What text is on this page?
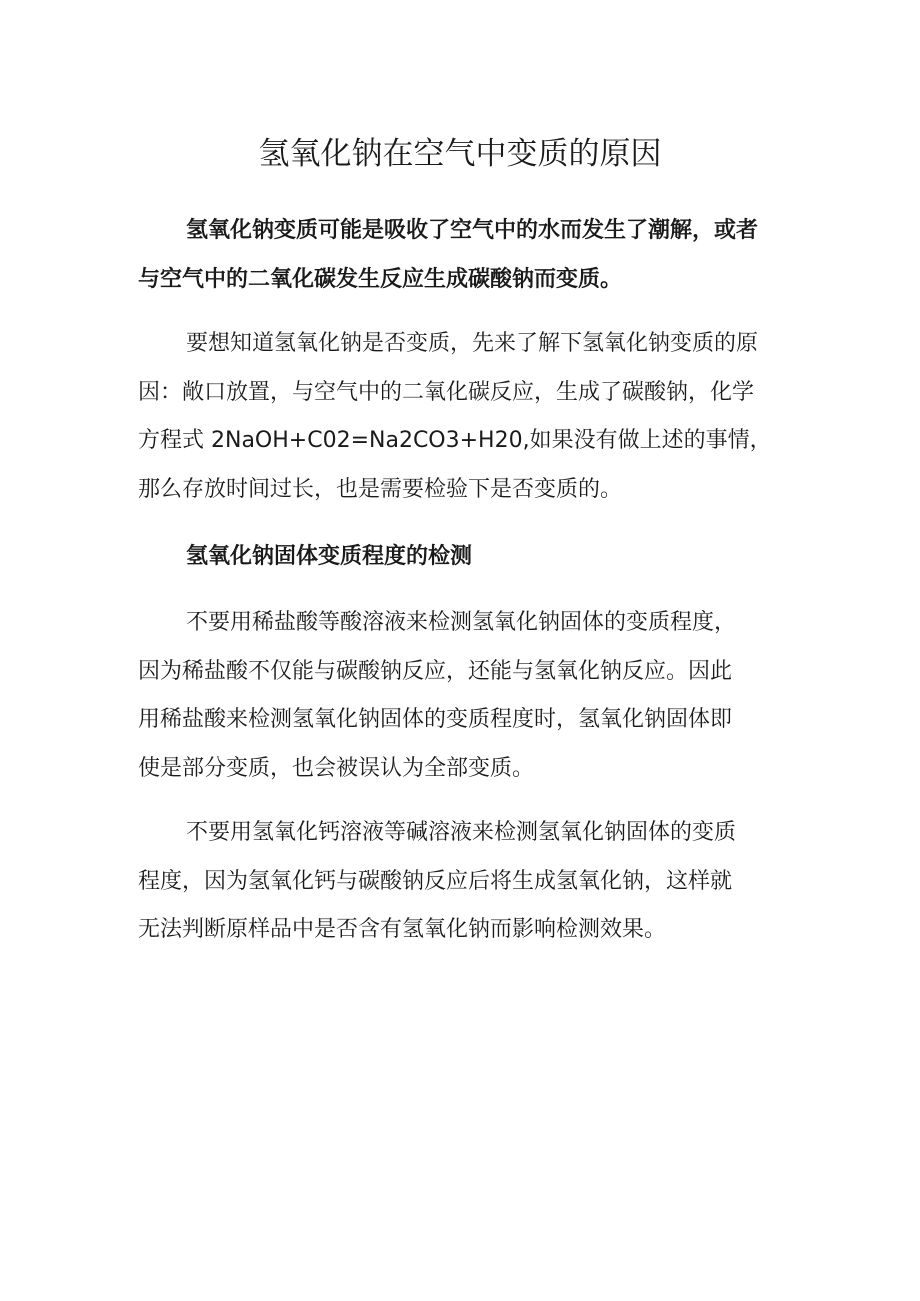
氢氧化钠在空气中变质的原因
氢氧化钠变质可能是吸收了空气中的水而发生了潮解，或者
与空气中的二氧化碳发生反应生成碳酸钠而变质。
要想知道氢氧化钠是否变质，先来了解下氢氧化钠变质的原
因：敞口放置，与空气中的二氧化碳反应，生成了碳酸钠，化学
方程式 2NaOH+C02=Na2CO3+H20,如果没有做上述的事情，
那么存放时间过长，也是需要检验下是否变质的。
氢氧化钠固体变质程度的检测
不要用稀盐酸等酸溶液来检测氢氧化钠固体的变质程度，
因为稀盐酸不仅能与碳酸钠反应，还能与氢氧化钠反应。因此
用稀盐酸来检测氢氧化钠固体的变质程度时，氢氧化钠固体即
使是部分变质，也会被误认为全部变质。
不要用氢氧化钙溶液等碱溶液来检测氢氧化钠固体的变质
程度，因为氢氧化钙与碳酸钠反应后将生成氢氧化钠，这样就
无法判断原样品中是否含有氢氧化钠而影响检测效果。
